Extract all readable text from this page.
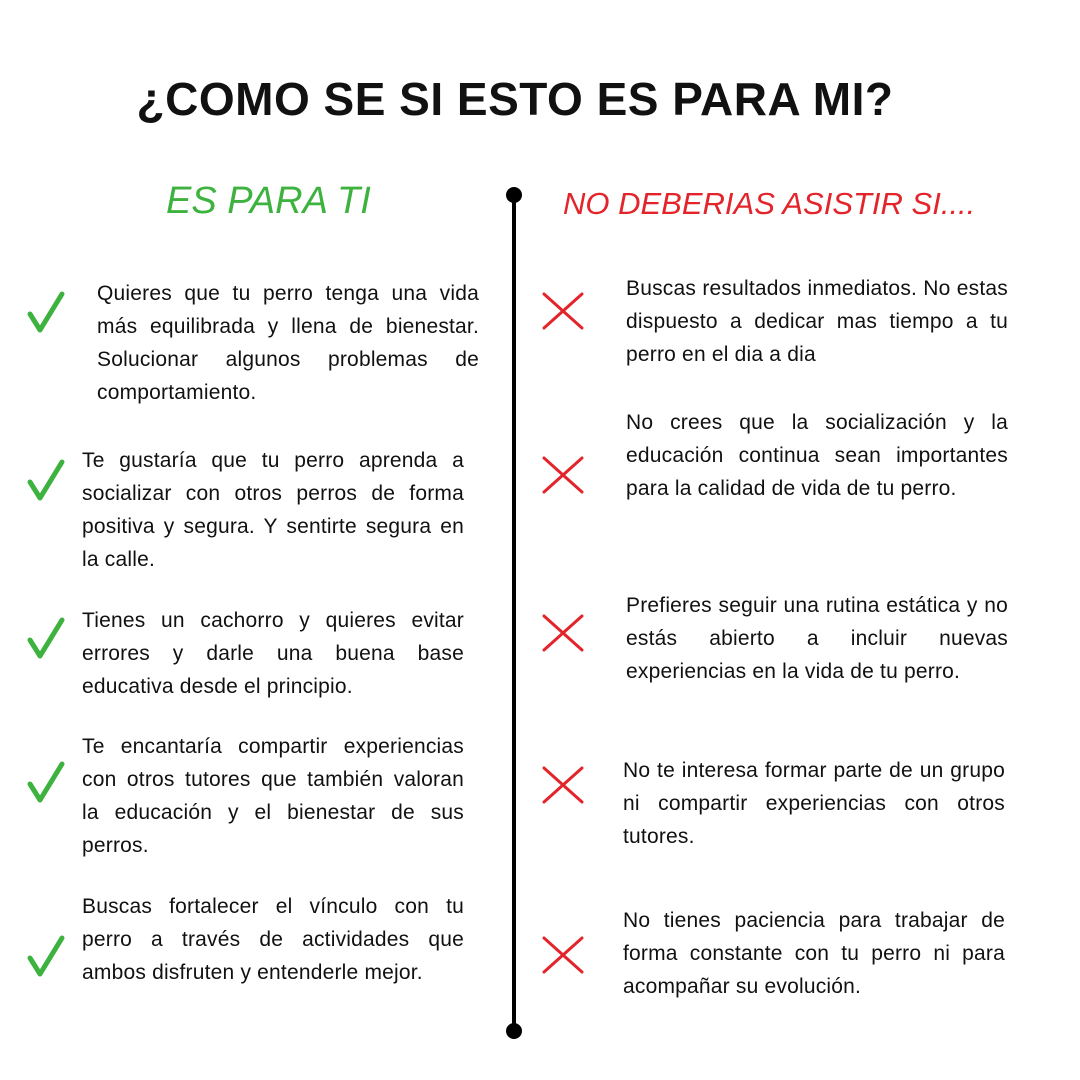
¿COMO SE SI ESTO ES PARA MI?
ES PARA TI	NO DEBERIAS ASISTIR SI....

Quieres que tu perro tenga una vida más equilibrada y llena de bienestar. Solucionar algunos problemas de comportamiento.

Te gustaría que tu perro aprenda a socializar con otros perros de forma positiva y segura. Y sentirte segura en la calle.

Tienes un cachorro y quieres evitar errores y darle una buena base educativa desde el principio.

Te encantaría compartir experiencias con otros tutores que también valoran la educación y el bienestar de sus perros.

Buscas fortalecer el vínculo con tu perro a través de actividades que ambos disfruten y entenderle mejor.

Buscas resultados inmediatos. No estas dispuesto a dedicar mas tiempo a tu perro en el dia a dia

No crees que la socialización y la educación continua sean importantes para la calidad de vida de tu perro.

Prefieres seguir una rutina estática y no estás abierto a incluir nuevas experiencias en la vida de tu perro.

No te interesa formar parte de un grupo ni compartir experiencias con otros tutores.

No tienes paciencia para trabajar de forma constante con tu perro ni para acompañar su evolución.
